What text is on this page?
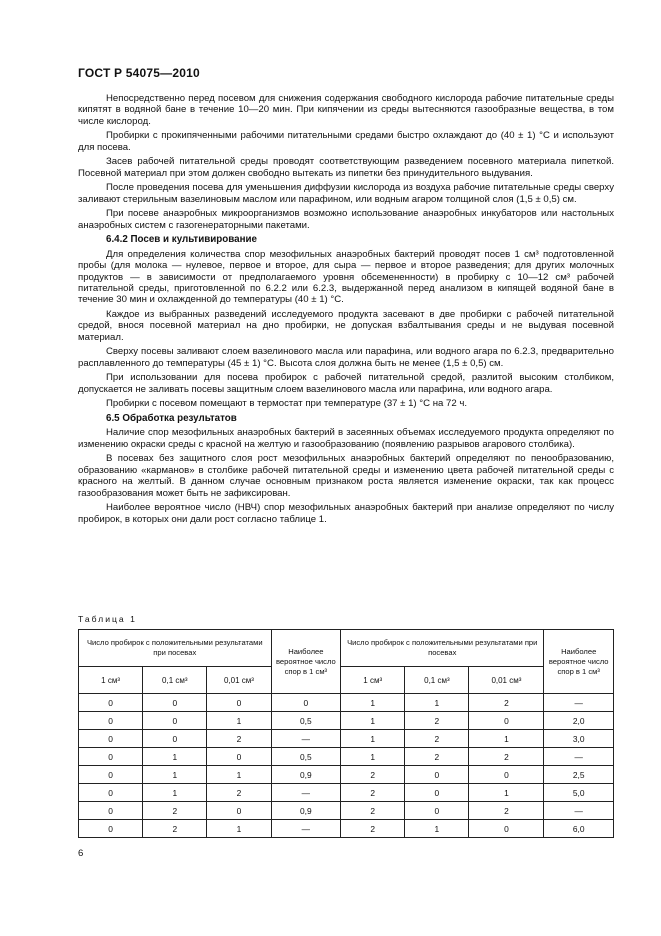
ГОСТ Р 54075—2010

Непосредственно перед посевом для снижения содержания свободного кислорода рабочие питательные среды кипятят в водяной бане в течение 10—20 мин. При кипячении из среды вытесняются газообразные вещества, в том числе кислород.

Пробирки с прокипяченными рабочими питательными средами быстро охлаждают до (40 ± 1) °С и используют для посева.

Засев рабочей питательной среды проводят соответствующим разведением посевного материала пипеткой. Посевной материал при этом должен свободно вытекать из пипетки без принудительного выдувания.

После проведения посева для уменьшения диффузии кислорода из воздуха рабочие питательные среды сверху заливают стерильным вазелиновым маслом или парафином, или водным агаром толщиной слоя (1,5 ± 0,5) см.

При посеве анаэробных микроорганизмов возможно использование анаэробных инкубаторов или настольных анаэробных систем с газогенераторными пакетами.

6.4.2 Посев и культивирование

Для определения количества спор мезофильных анаэробных бактерий проводят посев 1 см³ подготовленной пробы (для молока — нулевое, первое и второе, для сыра — первое и второе разведения; для других молочных продуктов — в зависимости от предполагаемого уровня обсемененности) в пробирку с 10—12 см³ рабочей питательной среды, приготовленной по 6.2.2 или 6.2.3, выдержанной перед анализом в кипящей водяной бане в течение 30 мин и охлажденной до температуры (40 ± 1) °С.

Каждое из выбранных разведений исследуемого продукта засевают в две пробирки с рабочей питательной средой, внося посевной материал на дно пробирки, не допуская взбалтывания среды и не выдувая посевной материал.

Сверху посевы заливают слоем вазелинового масла или парафина, или водного агара по 6.2.3, предварительно расплавленного до температуры (45 ± 1) °С. Высота слоя должна быть не менее (1,5 ± 0,5) см.

При использовании для посева пробирок с рабочей питательной средой, разлитой высоким столбиком, допускается не заливать посевы защитным слоем вазелинового масла или парафина, или водного агара.

Пробирки с посевом помещают в термостат при температуре (37 ± 1) °С на 72 ч.

6.5 Обработка результатов

Наличие спор мезофильных анаэробных бактерий в засеянных объемах исследуемого продукта определяют по изменению окраски среды с красной на желтую и газообразованию (появлению разрывов агарового столбика).

В посевах без защитного слоя рост мезофильных анаэробных бактерий определяют по пенообразованию, образованию «карманов» в столбике рабочей питательной среды и изменению цвета рабочей питательной среды с красного на желтый. В данном случае основным признаком роста является изменение окраски, так как процесс газообразования может быть не зафиксирован.

Наиболее вероятное число (НВЧ) спор мезофильных анаэробных бактерий при анализе определяют по числу пробирок, в которых они дали рост согласно таблице 1.

Таблица 1
Число пробирок с положительными результатами при посевах			Наиболее вероятное число спор в 1 см³	Число пробирок с положительными результатами при посевах			Наиболее вероятное число спор в 1 см³
1 см³	0,1 см³	0,01 см³		1 см³	0,1 см³	0,01 см³	
0	0	0	0	1	1	2	—
0	0	1	0,5	1	2	0	2,0
0	0	2	—	1	2	1	3,0
0	1	0	0,5	1	2	2	—
0	1	1	0,9	2	0	0	2,5
0	1	2	—	2	0	1	5,0
0	2	0	0,9	2	0	2	—
0	2	1	—	2	1	0	6,0
6
